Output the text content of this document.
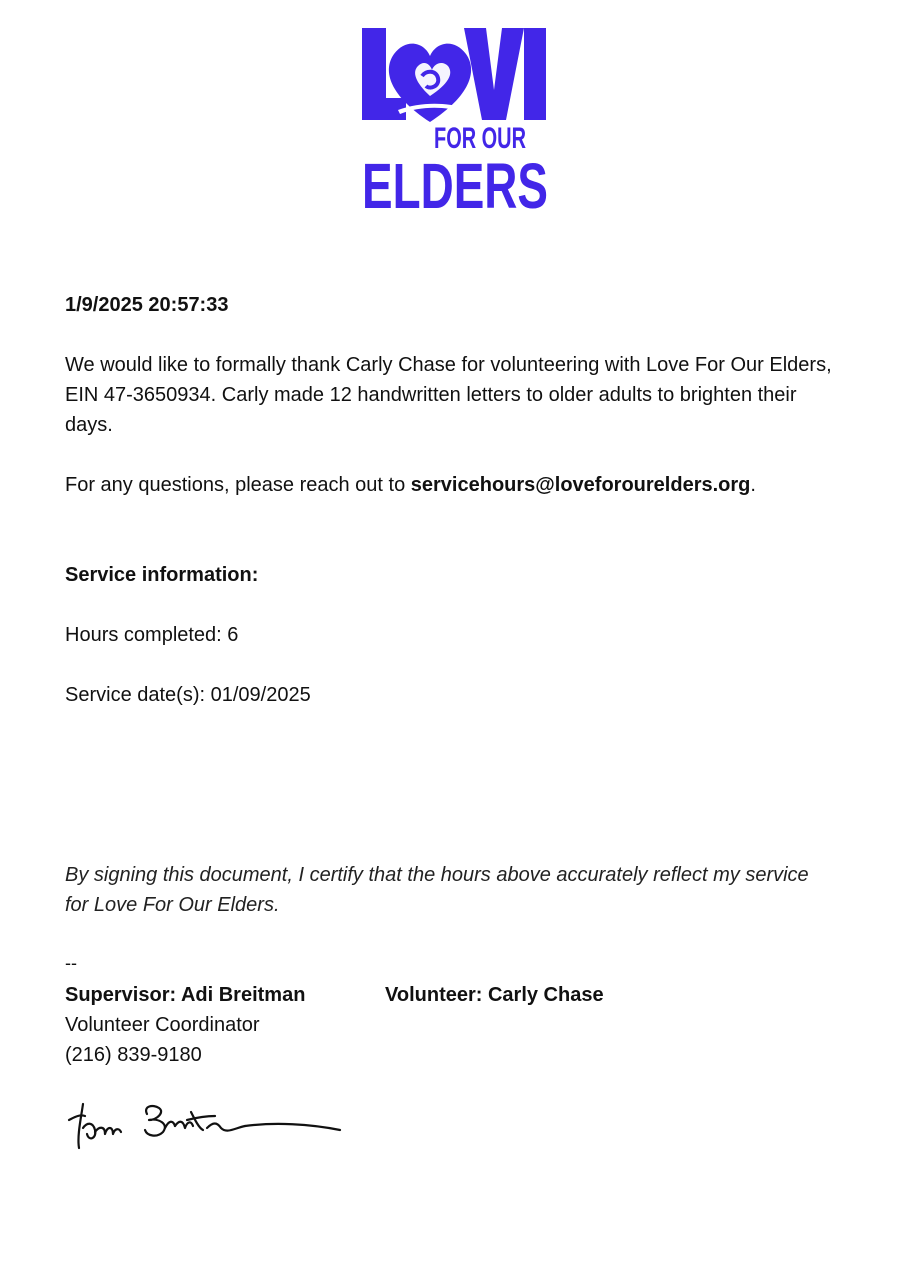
FOR OUR
ELDERS
1/9/2025 20:57:33
We would like to formally thank Carly Chase for volunteering with Love For Our Elders, EIN 47-3650934. Carly made 12 handwritten letters to older adults to brighten their days.
For any questions, please reach out to servicehours@loveforourelders.org.
Service information:
Hours completed: 6
Service date(s): 01/09/2025
By signing this document, I certify that the hours above accurately reflect my service for Love For Our Elders.
--
Supervisor: Adi Breitman
Volunteer Coordinator
(216) 839-9180
Volunteer: Carly Chase
